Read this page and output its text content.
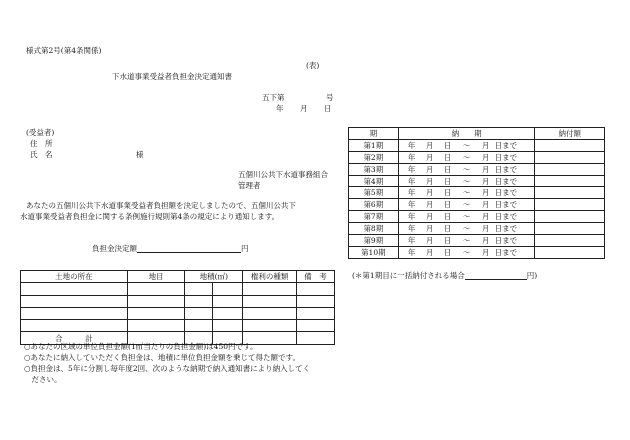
様式第2号(第4条関係)
(表)
下水道事業受益者負担金決定通知書
五下第	号
年 月 日
(受益者)
住　所
氏　名	様
五個川公共下水道事務組合
管理者
あなたの五個川公共下水道事業受益者負担額を決定しましたので、五個川公共下
水道事業受益者負担金に関する条例施行規則第4条の規定により通知します。
負担金決定額	円
土地の所在	地目	地積(㎡)		権利の種類	備　考

合　　　計					
○あなたの区域の単位負担金額(1㎡当たりの負担金額)は450円です。
○あなたに納入していただく負担金は、地積に単位負担金額を乗じて得た額です。
○負担金は、5年に分割し毎年度2回、次のような納期で納入通知書により納入してく
　ださい。
期	納　　期	納付額
第1期	年 月 日 ～ 月 日まで	
第2期	年 月 日 ～ 月 日まで	
第3期	年 月 日 ～ 月 日まで	
第4期	年 月 日 ～ 月 日まで	
第5期	年 月 日 ～ 月 日まで	
第6期	年 月 日 ～ 月 日まで	
第7期	年 月 日 ～ 月 日まで	
第8期	年 月 日 ～ 月 日まで	
第9期	年 月 日 ～ 月 日まで	
第10期	年 月 日 ～ 月 日まで	
(＊第1期目に一括納付される場合	円)
